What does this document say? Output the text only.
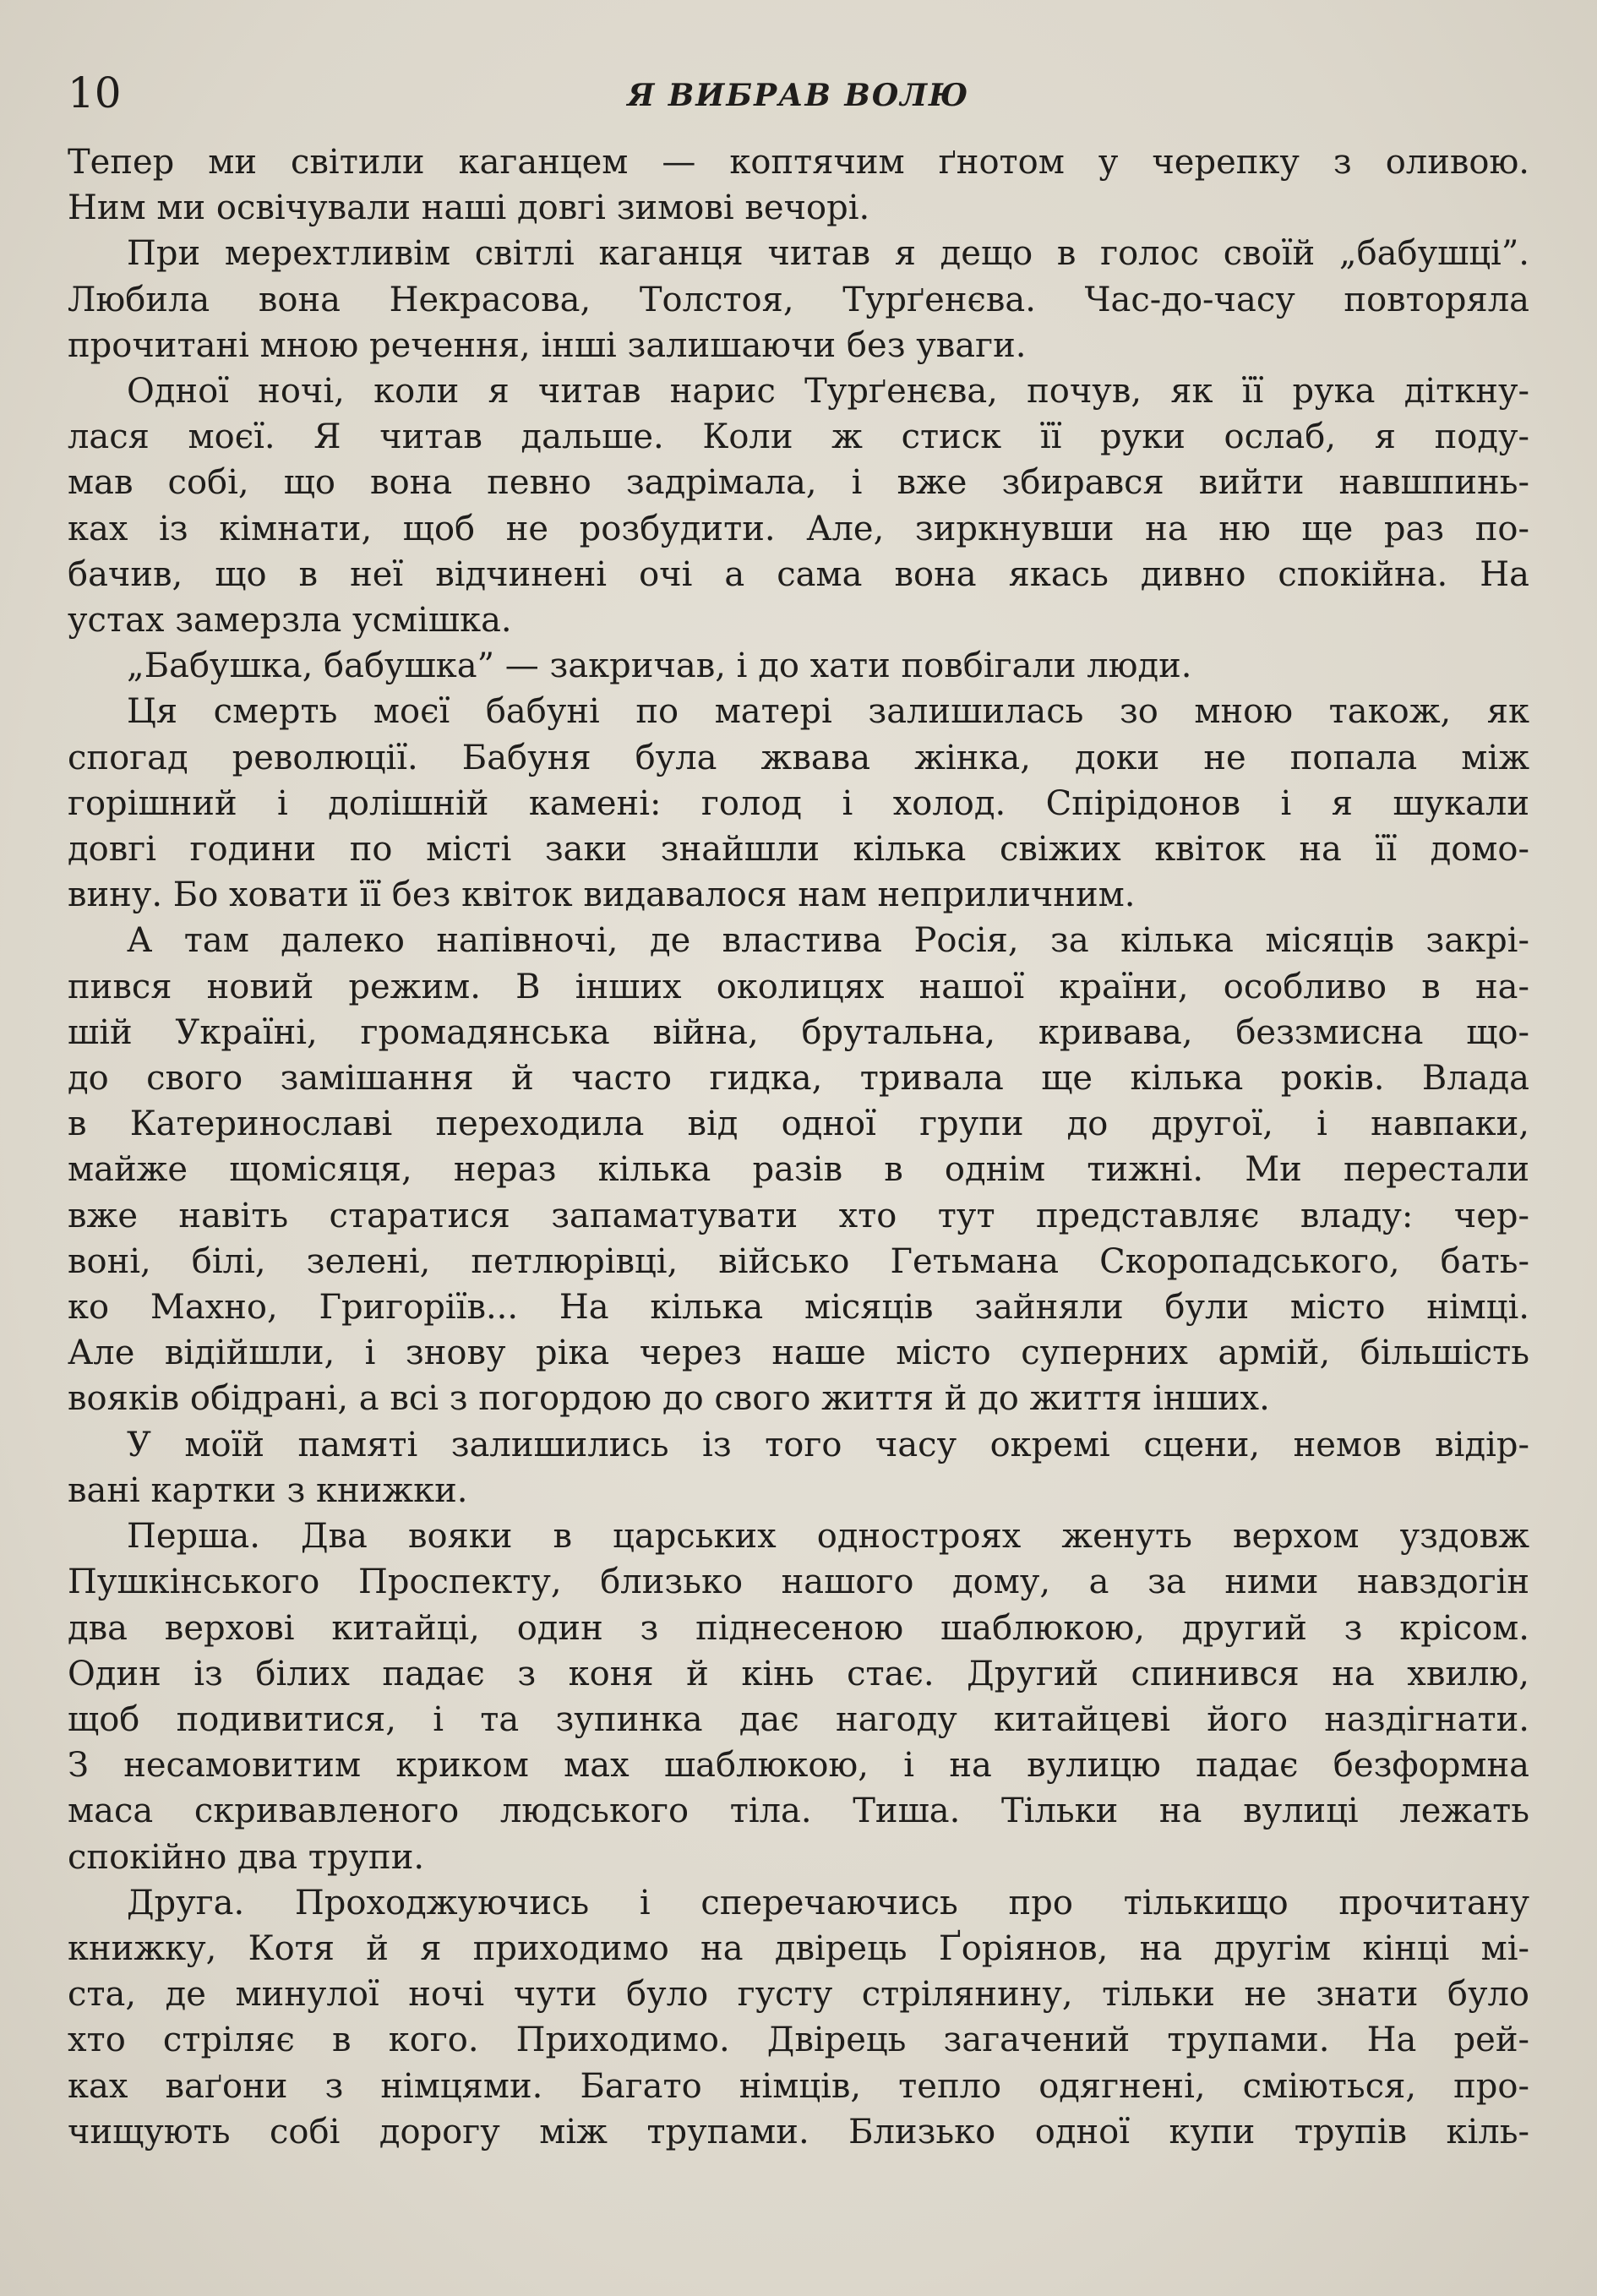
10	Я ВИБРАВ ВОЛЮ
Тепер ми світили каганцем — коптячим ґнотом у черепку з оливою.
Ним ми освічували наші довгі зимові вечорі.
При мерехтливім світлі каганця читав я дещо в голос своїй „бабушці”.
Любила вона Некрасова, Толстоя, Турґенєва. Час-до-часу повторяла
прочитані мною речення, інші залишаючи без уваги.
Одної ночі, коли я читав нарис Турґенєва, почув, як її рука діткну-
лася моєї. Я читав дальше. Коли ж стиск її руки ослаб, я поду-
мав собі, що вона певно задрімала, і вже збирався вийти навшпинь-
ках із кімнати, щоб не розбудити. Але, зиркнувши на ню ще раз по-
бачив, що в неї відчинені очі а сама вона якась дивно спокійна. На
устах замерзла усмішка.
„Бабушка, бабушка” — закричав, і до хати повбігали люди.
Ця смерть моєї бабуні по матері залишилась зо мною також, як
спогад революції. Бабуня була жвава жінка, доки не попала між
горішний і долішній камені: голод і холод. Спірідонов і я шукали
довгі години по місті заки знайшли кілька свіжих квіток на її домо-
вину. Бо ховати її без квіток видавалося нам неприличним.
А там далеко напівночі, де властива Росія, за кілька місяців закрі-
пився новий режим. В інших околицях нашої країни, особливо в на-
шій Україні, громадянська війна, брутальна, кривава, беззмисна що-
до свого замішання й часто гидка, тривала ще кілька років. Влада
в Катеринославі переходила від одної групи до другої, і навпаки,
майже щомісяця, нераз кілька разів в однім тижні. Ми перестали
вже навіть старатися запаматувати хто тут представляє владу: чер-
воні, білі, зелені, петлюрівці, військо Гетьмана Скоропадського, бать-
ко Махно, Григоріїв... На кілька місяців зайняли були місто німці.
Але відійшли, і знову ріка через наше місто суперних армій, більшість
вояків обідрані, а всі з погордою до свого життя й до життя інших.
У моїй памяті залишились із того часу окремі сцени, немов відір-
вані картки з книжки.
Перша. Два вояки в царських одностроях женуть верхом уздовж
Пушкінського Проспекту, близько нашого дому, а за ними навздогін
два верхові китайці, один з піднесеною шаблюкою, другий з крісом.
Один із білих падає з коня й кінь стає. Другий спинився на хвилю,
щоб подивитися, і та зупинка дає нагоду китайцеві його наздігнати.
З несамовитим криком мах шаблюкою, і на вулицю падає безформна
маса скривавленого людського тіла. Тиша. Тільки на вулиці лежать
спокійно два трупи.
Друга. Проходжуючись і сперечаючись про тількищо прочитану
книжку, Котя й я приходимо на двірець Ґоріянов, на другім кінці мі-
ста, де минулої ночі чути було густу стрілянину, тільки не знати було
хто стріляє в кого. Приходимо. Двірець загачений трупами. На рей-
ках ваґони з німцями. Багато німців, тепло одягнені, сміються, про-
чищують собі дорогу між трупами. Близько одної купи трупів кіль-
